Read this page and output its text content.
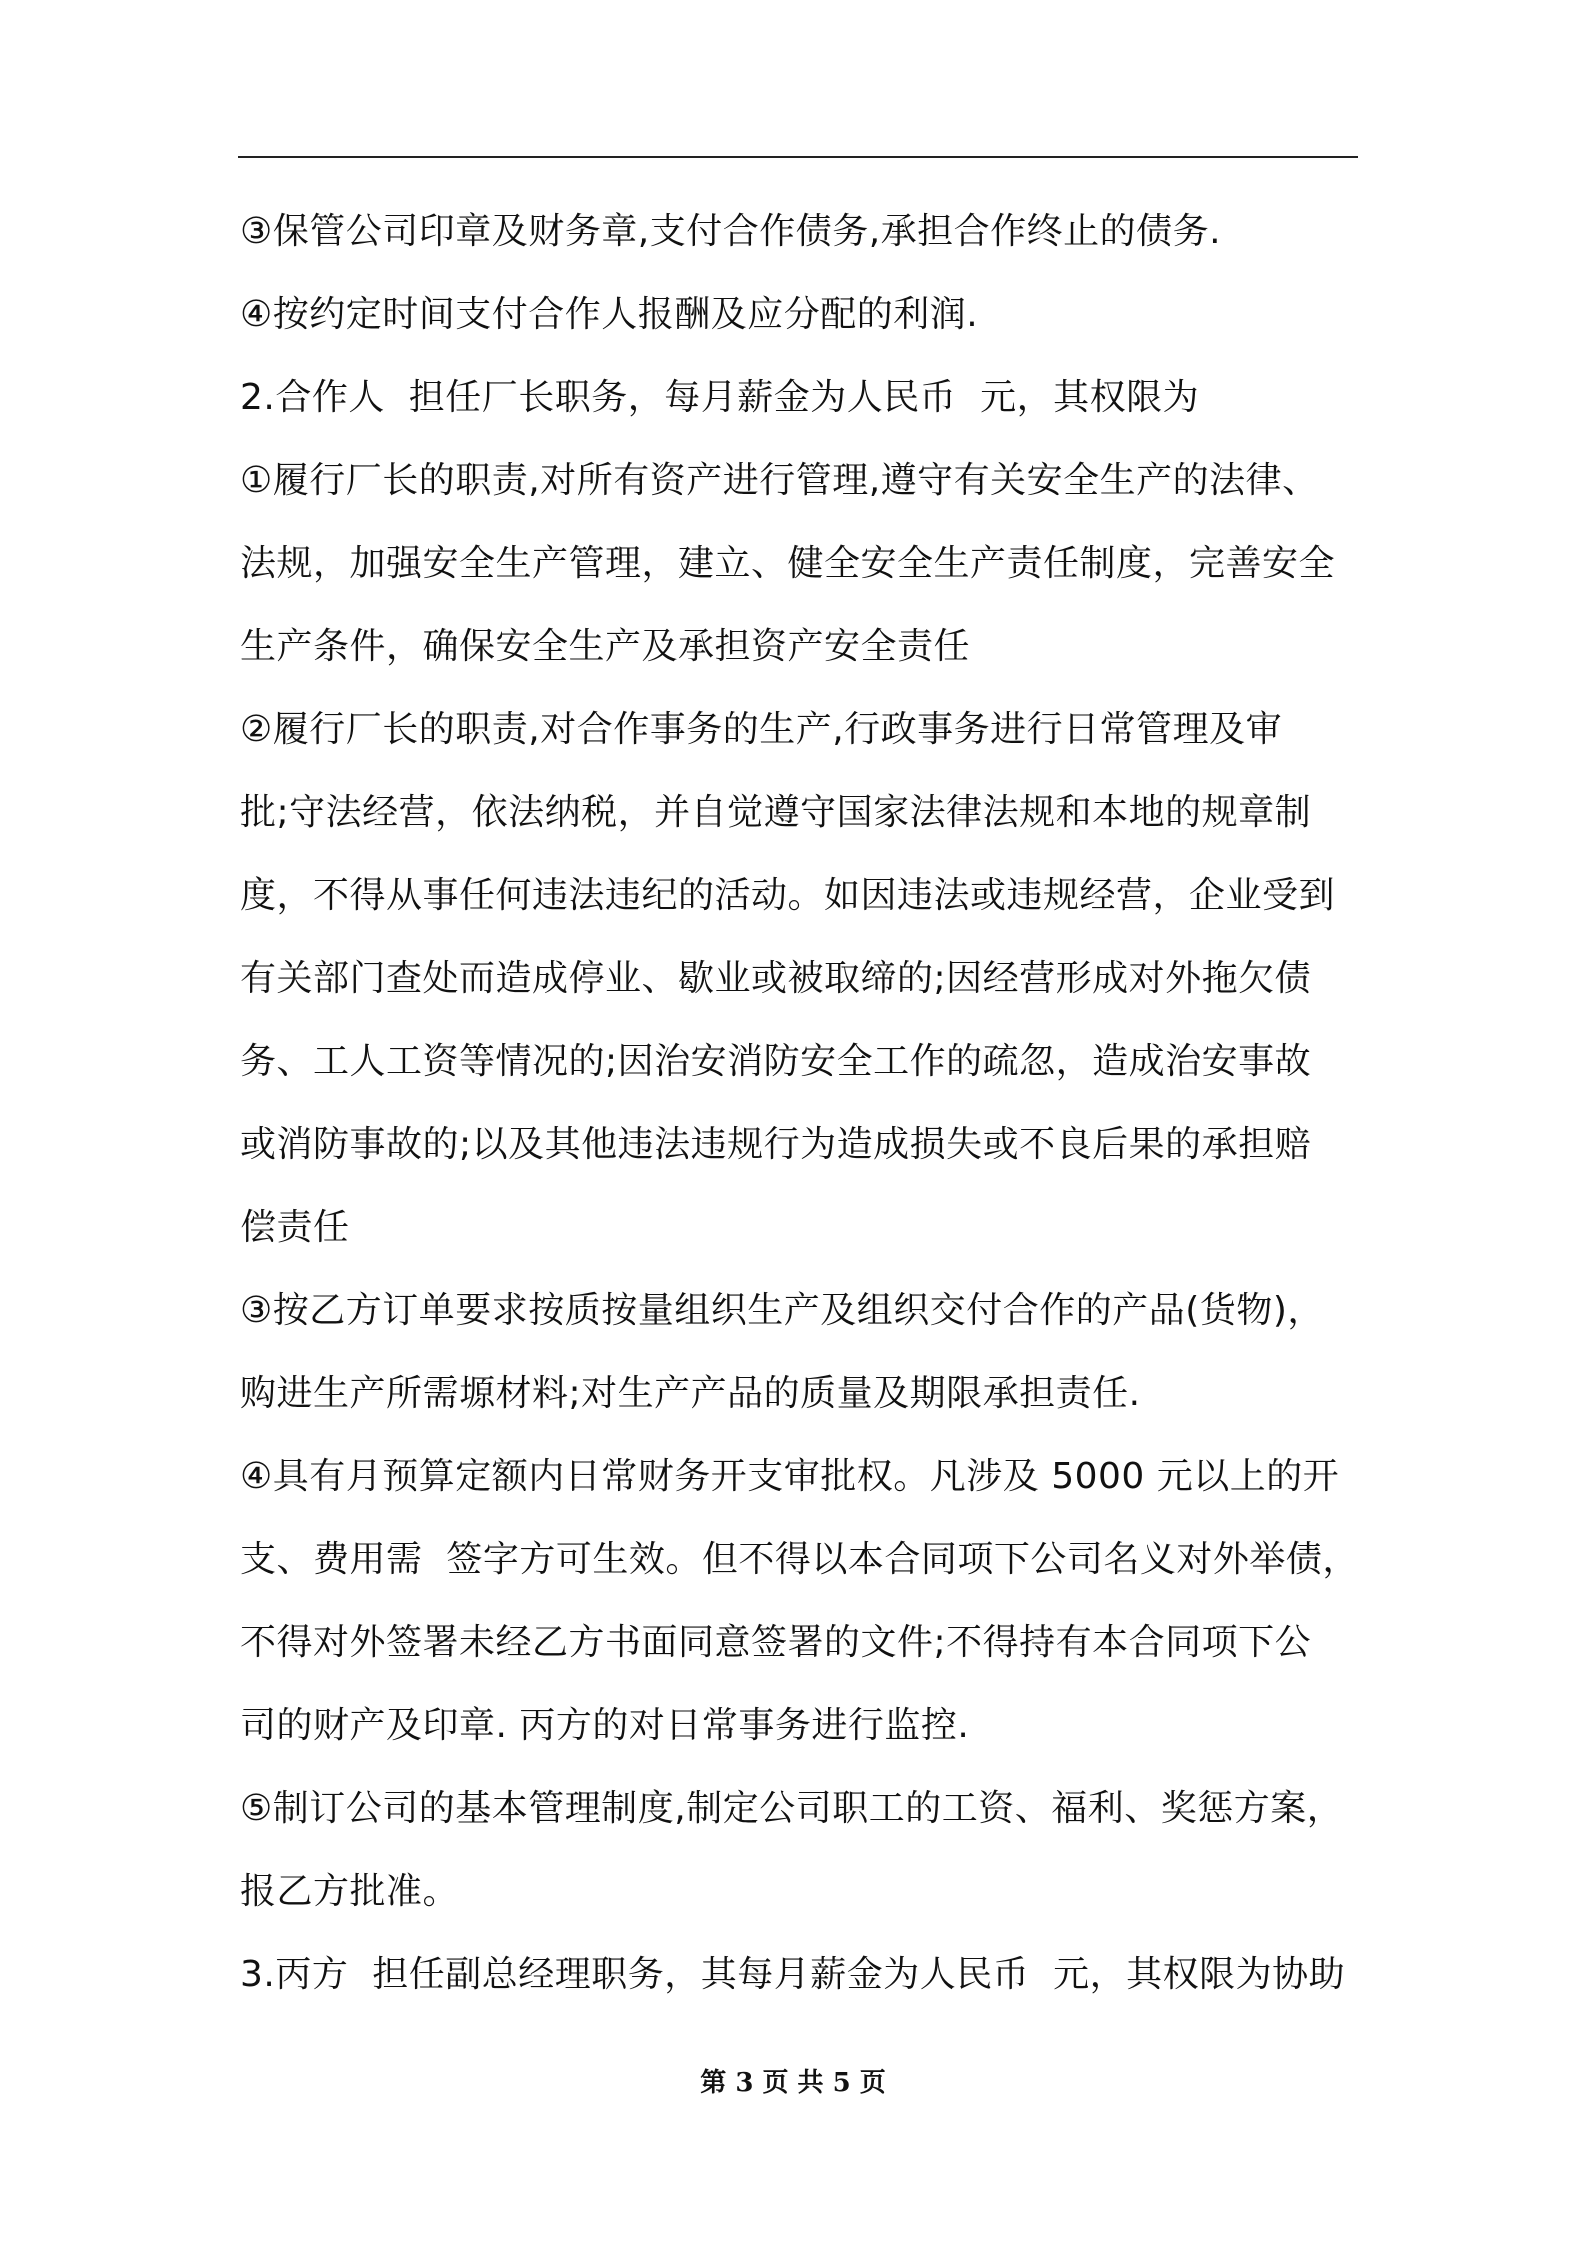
③保管公司印章及财务章,支付合作债务,承担合作终止的债务.
④按约定时间支付合作人报酬及应分配的利润.
2.合作人  担任厂长职务，每月薪金为人民币  元，其权限为
①履行厂长的职责,对所有资产进行管理,遵守有关安全生产的法律、
法规，加强安全生产管理，建立、健全安全生产责任制度，完善安全
生产条件，确保安全生产及承担资产安全责任
②履行厂长的职责,对合作事务的生产,行政事务进行日常管理及审
批;守法经营，依法纳税，并自觉遵守国家法律法规和本地的规章制
度，不得从事任何违法违纪的活动。如因违法或违规经营，企业受到
有关部门查处而造成停业、歇业或被取缔的;因经营形成对外拖欠债
务、工人工资等情况的;因治安消防安全工作的疏忽，造成治安事故
或消防事故的;以及其他违法违规行为造成损失或不良后果的承担赔
偿责任
③按乙方订单要求按质按量组织生产及组织交付合作的产品(货物)，
购进生产所需塬材料;对生产产品的质量及期限承担责任.
④具有月预算定额内日常财务开支审批权。凡涉及 5000 元以上的开
支、费用需  签字方可生效。但不得以本合同项下公司名义对外举债，
不得对外签署未经乙方书面同意签署的文件;不得持有本合同项下公
司的财产及印章. 丙方的对日常事务进行监控.
⑤制订公司的基本管理制度,制定公司职工的工资、福利、奖惩方案，
报乙方批准。
3.丙方  担任副总经理职务，其每月薪金为人民币  元，其权限为协助
第 3 页 共 5 页
